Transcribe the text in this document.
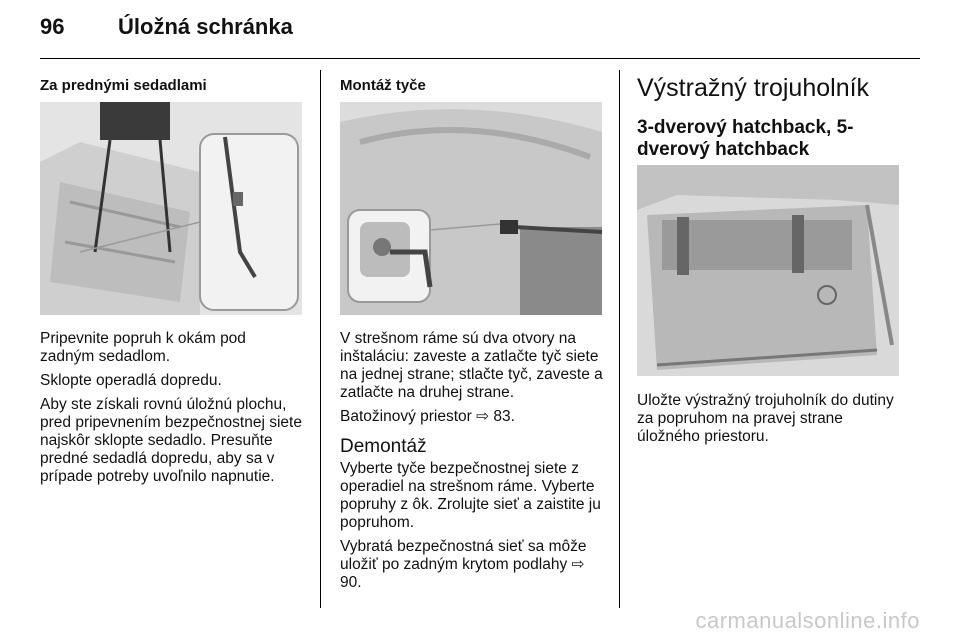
96 Úložná schránka
Za prednými sedadlami

Pripevnite popruh k okám pod zadným sedadlom.

Sklopte operadlá dopredu.

Aby ste získali rovnú úložnú plochu, pred pripevnením bezpečnostnej siete najskôr sklopte sedadlo. Presuňte predné sedadlá dopredu, aby sa v prípade potreby uvoľnilo napnutie.

Montáž tyče

V strešnom ráme sú dva otvory na inštaláciu: zaveste a zatlačte tyč siete na jednej strane; stlačte tyč, zaveste a zatlačte na druhej strane.

Batožinový priestor ⇨ 83.

Demontáž

Vyberte tyče bezpečnostnej siete z operadiel na strešnom ráme. Vyberte popruhy z ôk. Zrolujte sieť a zaistite ju popruhom.

Vybratá bezpečnostná sieť sa môže uložiť po zadným krytom podlahy ⇨ 90.

Výstražný trojuholník
3-dverový hatchback, 5-dverový hatchback

Uložte výstražný trojuholník do dutiny za popruhom na pravej strane úložného priestoru.

carmanualsonline.info
